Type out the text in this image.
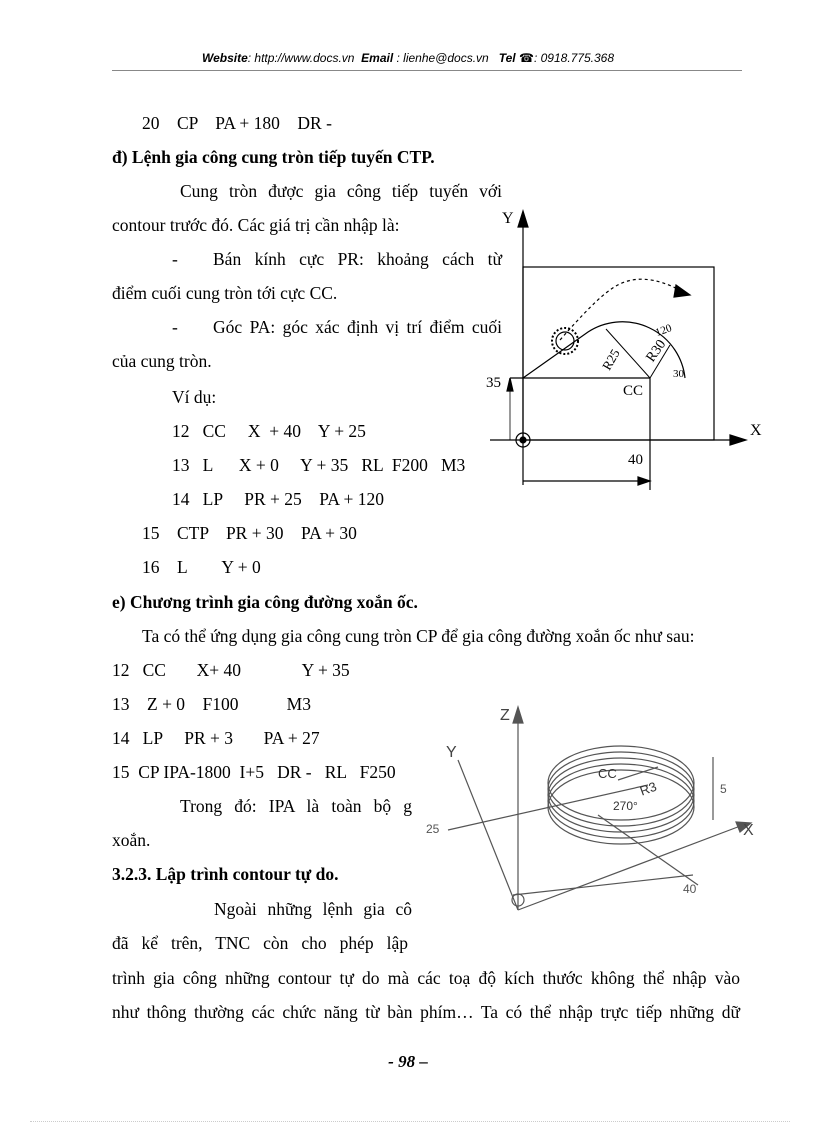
Website: http://www.docs.vn Email : lienhe@docs.vn Tel ☎: 0918.775.368
20    CP    PA + 180    DR -
đ) Lệnh gia công cung tròn tiếp tuyến CTP.
Cung tròn được gia công tiếp tuyến với
contour trước đó. Các giá trị cần nhập là:
- Bán kính cực PR: khoảng cách từ
điểm cuối cung tròn tới cực CC.
- Góc PA: góc xác định vị trí điểm cuối
của cung tròn.
Ví dụ:
12   CC     X  + 40    Y + 25
13   L      X + 0     Y + 35   RL  F200   M3
14   LP     PR + 25    PA + 120
15    CTP    PR + 30    PA + 30
16    L        Y + 0
e) Chương trình gia công đường xoắn ốc.
Ta có thể ứng dụng gia công cung tròn CP để gia công đường xoắn ốc như sau:
12   CC       X+ 40              Y + 35
13    Z + 0    F100           M3
14   LP     PR + 3       PA + 27
15  CP IPA-1800  I+5   DR -   RL   F250
Trong đó: IPA là toàn bộ g
xoắn.
3.2.3. Lập trình contour tự do.
Ngoài những lệnh gia cô
đã kể trên, TNC còn cho phép lập
trình gia công những contour tự do mà các toạ độ kích thước không thể nhập vào
như thông thường các chức năng từ bàn phím… Ta có thể nhập trực tiếp những dữ
Y
X
35	CC
R25 R30
120
30
40
Z
Y
X
CC
R3
270°
25
40
5
- 98 –
